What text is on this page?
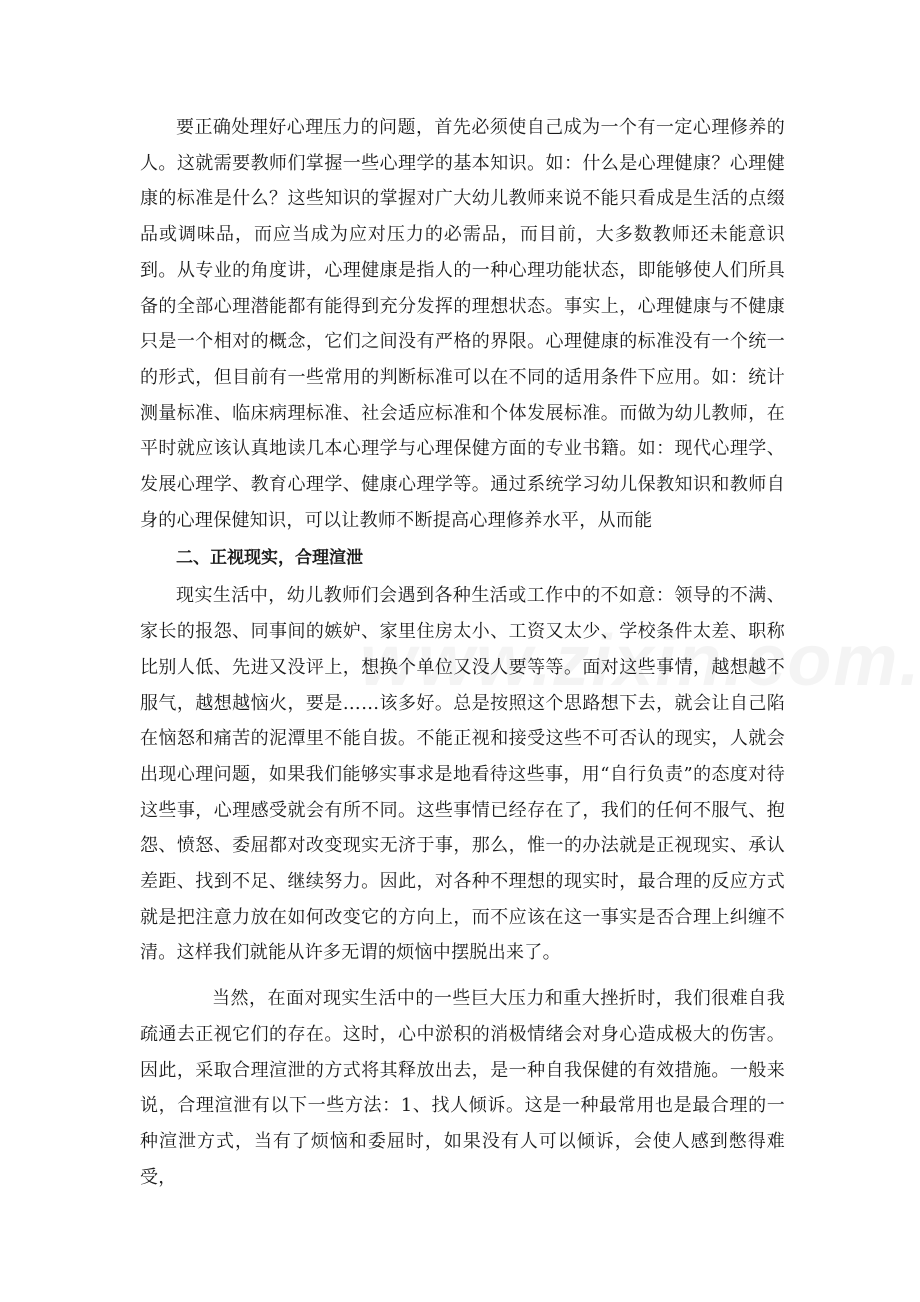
要正确处理好心理压力的问题，首先必须使自己成为一个有一定心理修养的人。这就需要教师们掌握一些心理学的基本知识。如：什么是心理健康？心理健康的标准是什么？这些知识的掌握对广大幼儿教师来说不能只看成是生活的点缀品或调味品，而应当成为应对压力的必需品，而目前，大多数教师还未能意识到。从专业的角度讲，心理健康是指人的一种心理功能状态，即能够使人们所具备的全部心理潜能都有能得到充分发挥的理想状态。事实上，心理健康与不健康只是一个相对的概念，它们之间没有严格的界限。心理健康的标准没有一个统一的形式，但目前有一些常用的判断标准可以在不同的适用条件下应用。如：统计测量标准、临床病理标准、社会适应标准和个体发展标准。而做为幼儿教师，在平时就应该认真地读几本心理学与心理保健方面的专业书籍。如：现代心理学、发展心理学、教育心理学、健康心理学等。通过系统学习幼儿保教知识和教师自身的心理保健知识，可以让教师不断提高心理修养水平，从而能

二、正视现实，合理渲泄

现实生活中，幼儿教师们会遇到各种生活或工作中的不如意：领导的不满、家长的报怨、同事间的嫉妒、家里住房太小、工资又太少、学校条件太差、职称比别人低、先进又没评上，想换个单位又没人要等等。面对这些事情，越想越不服气，越想越恼火，要是……该多好。总是按照这个思路想下去，就会让自己陷在恼怒和痛苦的泥潭里不能自拔。不能正视和接受这些不可否认的现实，人就会出现心理问题，如果我们能够实事求是地看待这些事，用“自行负责”的态度对待这些事，心理感受就会有所不同。这些事情已经存在了，我们的任何不服气、抱怨、愤怒、委屈都对改变现实无济于事，那么，惟一的办法就是正视现实、承认差距、找到不足、继续努力。因此，对各种不理想的现实时，最合理的反应方式就是把注意力放在如何改变它的方向上，而不应该在这一事实是否合理上纠缠不清。这样我们就能从许多无谓的烦恼中摆脱出来了。

当然，在面对现实生活中的一些巨大压力和重大挫折时，我们很难自我疏通去正视它们的存在。这时，心中淤积的消极情绪会对身心造成极大的伤害。因此，采取合理渲泄的方式将其释放出去，是一种自我保健的有效措施。一般来说，合理渲泄有以下一些方法：1、找人倾诉。这是一种最常用也是最合理的一种渲泄方式，当有了烦恼和委屈时，如果没有人可以倾诉，会使人感到憋得难受，
